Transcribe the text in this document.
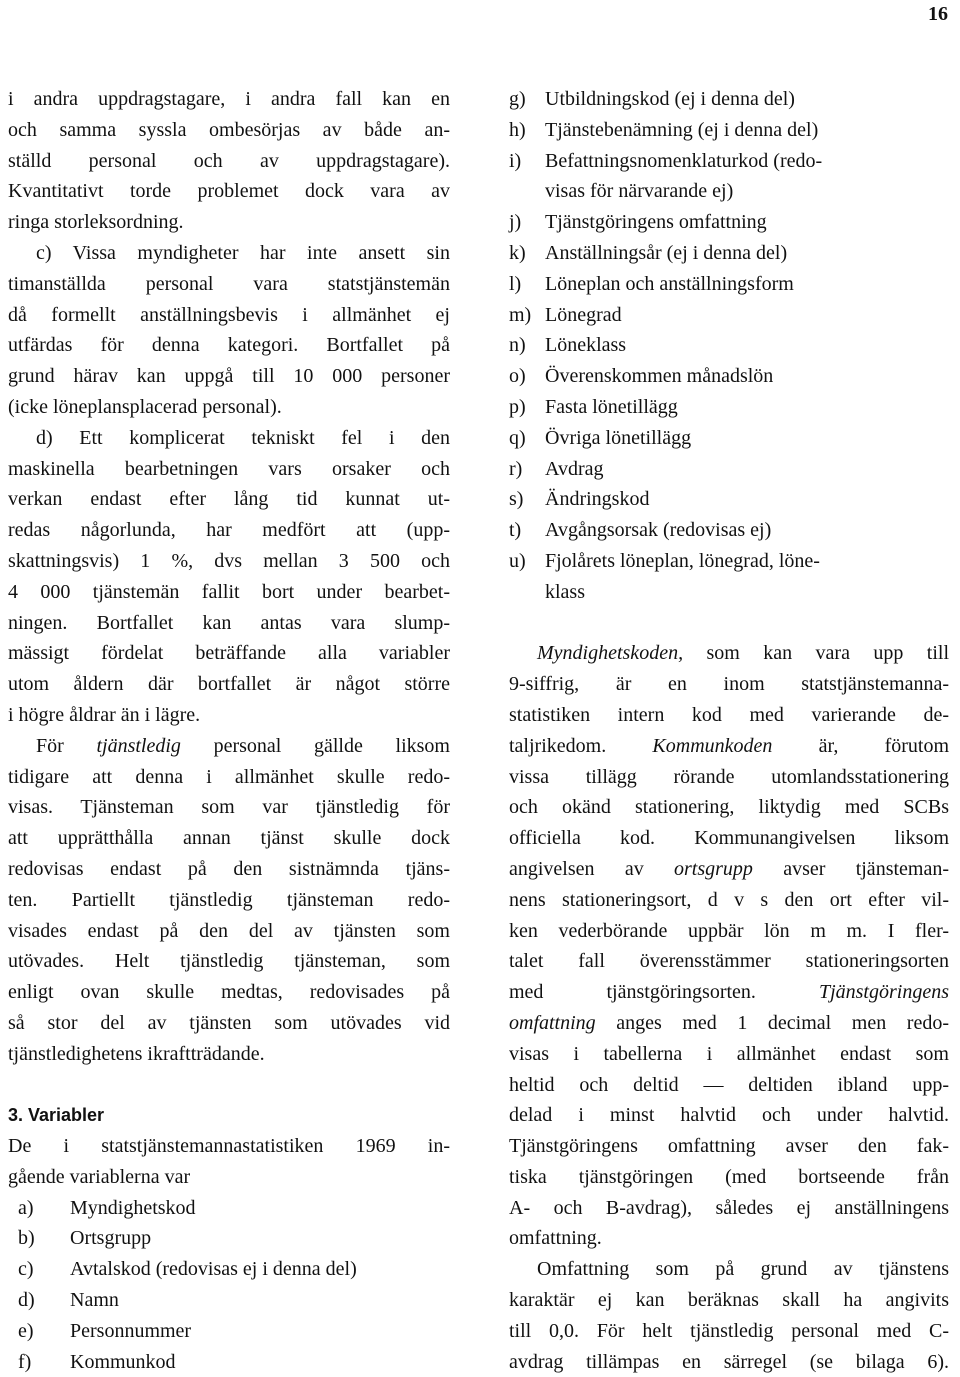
16
i andra uppdragstagare, i andra fall kan en
och samma syssla ombesörjas av både an-
ställd personal och av uppdragstagare).
Kvantitativt torde problemet dock vara av
ringa storleksordning.
c) Vissa myndigheter har inte ansett sin
timanställda personal vara statstjänstemän
då formellt anställningsbevis i allmänhet ej
utfärdas för denna kategori. Bortfallet på
grund härav kan uppgå till 10 000 personer
(icke löneplansplacerad personal).
d) Ett komplicerat tekniskt fel i den
maskinella bearbetningen vars orsaker och
verkan endast efter lång tid kunnat ut-
redas någorlunda, har medfört att (upp-
skattningsvis) 1 %, dvs mellan 3 500 och
4 000 tjänstemän fallit bort under bearbet-
ningen. Bortfallet kan antas vara slump-
mässigt fördelat beträffande alla variabler
utom åldern där bortfallet är något större
i högre åldrar än i lägre.
För tjänstledig personal gällde liksom
tidigare att denna i allmänhet skulle redo-
visas. Tjänsteman som var tjänstledig för
att upprätthålla annan tjänst skulle dock
redovisas endast på den sistnämnda tjäns-
ten. Partiellt tjänstledig tjänsteman redo-
visades endast på den del av tjänsten som
utövades. Helt tjänstledig tjänsteman, som
enligt ovan skulle medtas, redovisades på
så stor del av tjänsten som utövades vid
tjänstledighetens ikraftträdande.
3. Variabler
De i statstjänstemannastatistiken 1969 in-
gående variablerna var
a)	Myndighetskod
b)	Ortsgrupp
c)	Avtalskod (redovisas ej i denna del)
d)	Namn
e)	Personnummer
f)	Kommunkod
g) Utbildningskod (ej i denna del)
h) Tjänstebenämning (ej i denna del)
i)	Befattningsnomenklaturkod (redo-
visas för närvarande ej)
j)	Tjänstgöringens omfattning
k) Anställningsår (ej i denna del)
l)	Löneplan och anställningsform
m) Lönegrad
n) Löneklass
o) Överenskommen månadslön
p) Fasta lönetillägg
q) Övriga lönetillägg
r)	Avdrag
s)	Ändringskod
t)	Avgångsorsak (redovisas ej)
u) Fjolårets löneplan, lönegrad, löne-
klass
Myndighetskoden, som kan vara upp till
9-siffrig, är en inom statstjänstemanna-
statistiken intern kod med varierande de-
taljrikedom. Kommunkoden är, förutom
vissa tillägg rörande utomlandsstationering
och okänd stationering, liktydig med SCBs
officiella kod. Kommunangivelsen liksom
angivelsen av ortsgrupp avser tjänsteman-
nens stationeringsort, d v s den ort efter vil-
ken vederbörande uppbär lön m m. I fler-
talet fall överensstämmer stationeringsorten
med tjänstgöringsorten. Tjänstgöringens
omfattning anges med 1 decimal men redo-
visas i tabellerna i allmänhet endast som
heltid och deltid — deltiden ibland upp-
delad i minst halvtid och under halvtid.
Tjänstgöringens omfattning avser den fak-
tiska tjänstgöringen (med bortseende från
A- och B-avdrag), således ej anställningens
omfattning.
Omfattning som på grund av tjänstens
karaktär ej kan beräknas skall ha angivits
till 0,0. För helt tjänstledig personal med C-
avdrag tillämpas en särregel (se bilaga 6).
